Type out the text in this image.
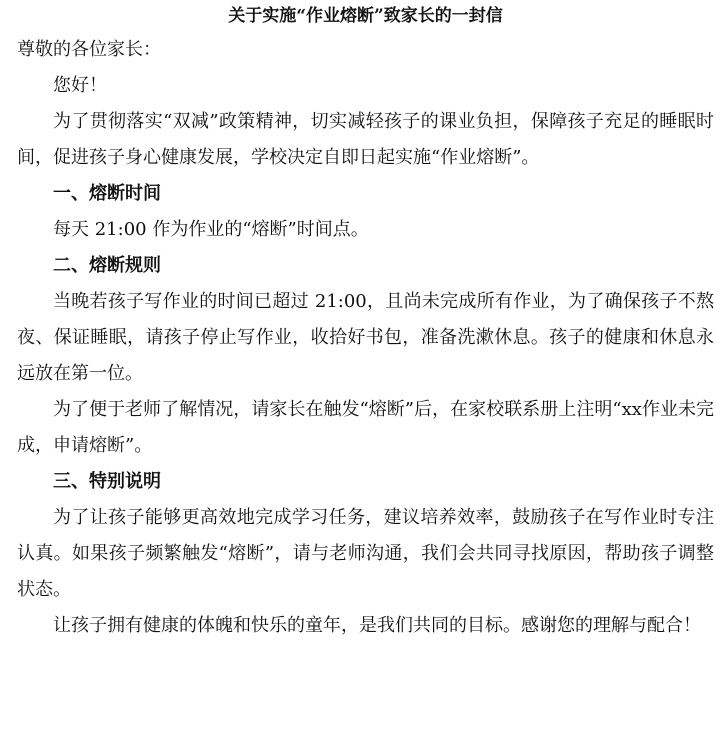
关于实施“作业熔断”致家长的一封信

尊敬的各位家长：

您好！

为了贯彻落实“双减”政策精神，切实减轻孩子的课业负担，保障孩子充足的睡眠时间，促进孩子身心健康发展，学校决定自即日起实施“作业熔断”。

一、熔断时间

每天 21:00 作为作业的“熔断”时间点。

二、熔断规则

当晚若孩子写作业的时间已超过 21:00，且尚未完成所有作业，为了确保孩子不熬夜、保证睡眠，请孩子停止写作业，收拾好书包，准备洗漱休息。孩子的健康和休息永远放在第一位。

为了便于老师了解情况，请家长在触发“熔断”后，在家校联系册上注明“xx作业未完成，申请熔断”。

三、特别说明

为了让孩子能够更高效地完成学习任务，建议培养效率，鼓励孩子在写作业时专注认真。如果孩子频繁触发“熔断”，请与老师沟通，我们会共同寻找原因，帮助孩子调整状态。

让孩子拥有健康的体魄和快乐的童年，是我们共同的目标。感谢您的理解与配合！
